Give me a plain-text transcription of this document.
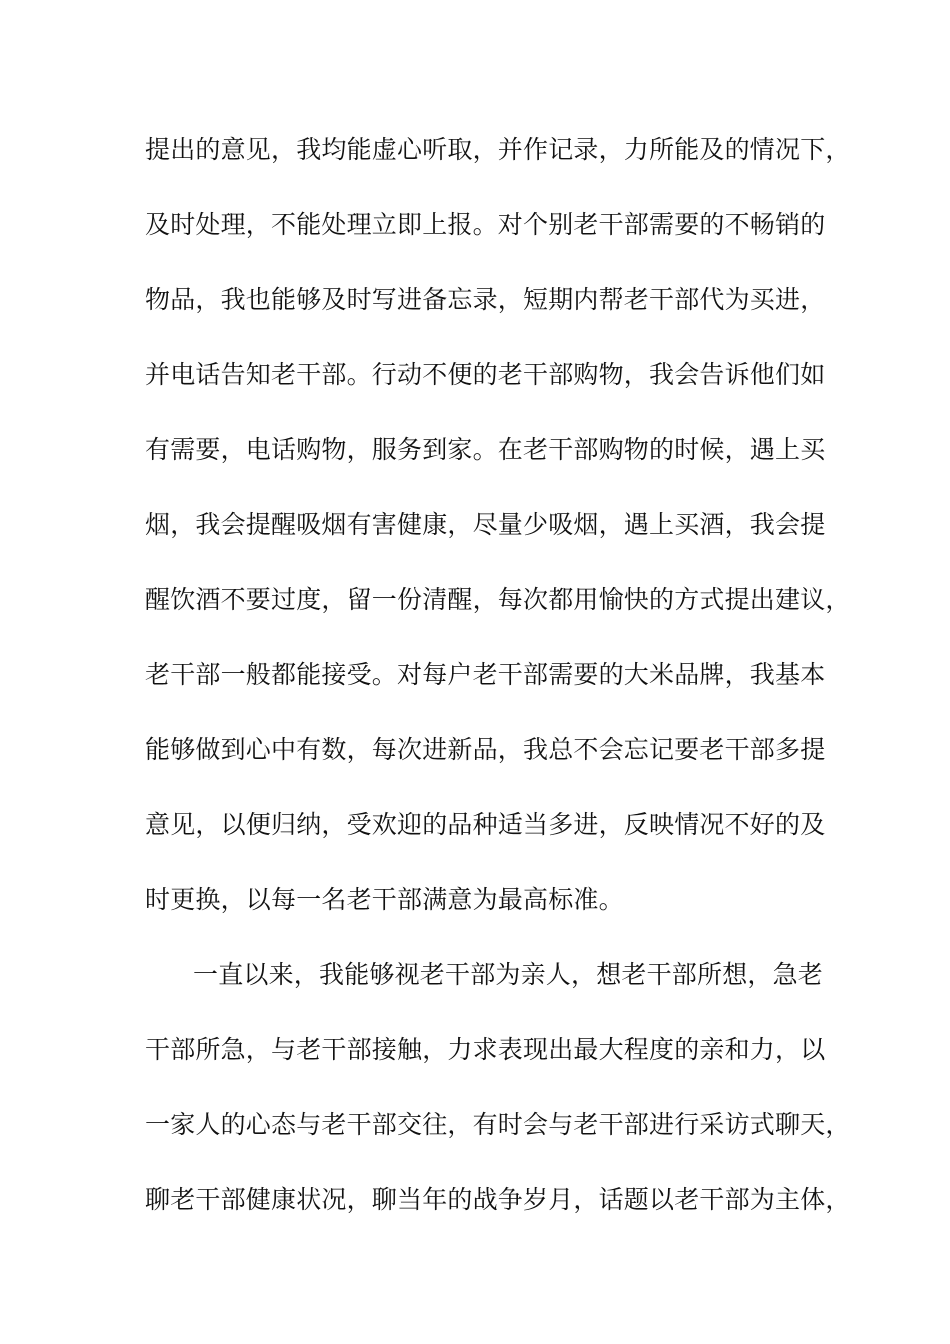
提出的意见，我均能虚心听取，并作记录，力所能及的情况下，
及时处理，不能处理立即上报。对个别老干部需要的不畅销的
物品，我也能够及时写进备忘录，短期内帮老干部代为买进，
并电话告知老干部。行动不便的老干部购物，我会告诉他们如
有需要，电话购物，服务到家。在老干部购物的时候，遇上买
烟，我会提醒吸烟有害健康，尽量少吸烟，遇上买酒，我会提
醒饮酒不要过度，留一份清醒，每次都用愉快的方式提出建议，
老干部一般都能接受。对每户老干部需要的大米品牌，我基本
能够做到心中有数，每次进新品，我总不会忘记要老干部多提
意见，以便归纳，受欢迎的品种适当多进，反映情况不好的及
时更换，以每一名老干部满意为最高标准。
一直以来，我能够视老干部为亲人，想老干部所想，急老
干部所急，与老干部接触，力求表现出最大程度的亲和力，以
一家人的心态与老干部交往，有时会与老干部进行采访式聊天，
聊老干部健康状况，聊当年的战争岁月，话题以老干部为主体，
